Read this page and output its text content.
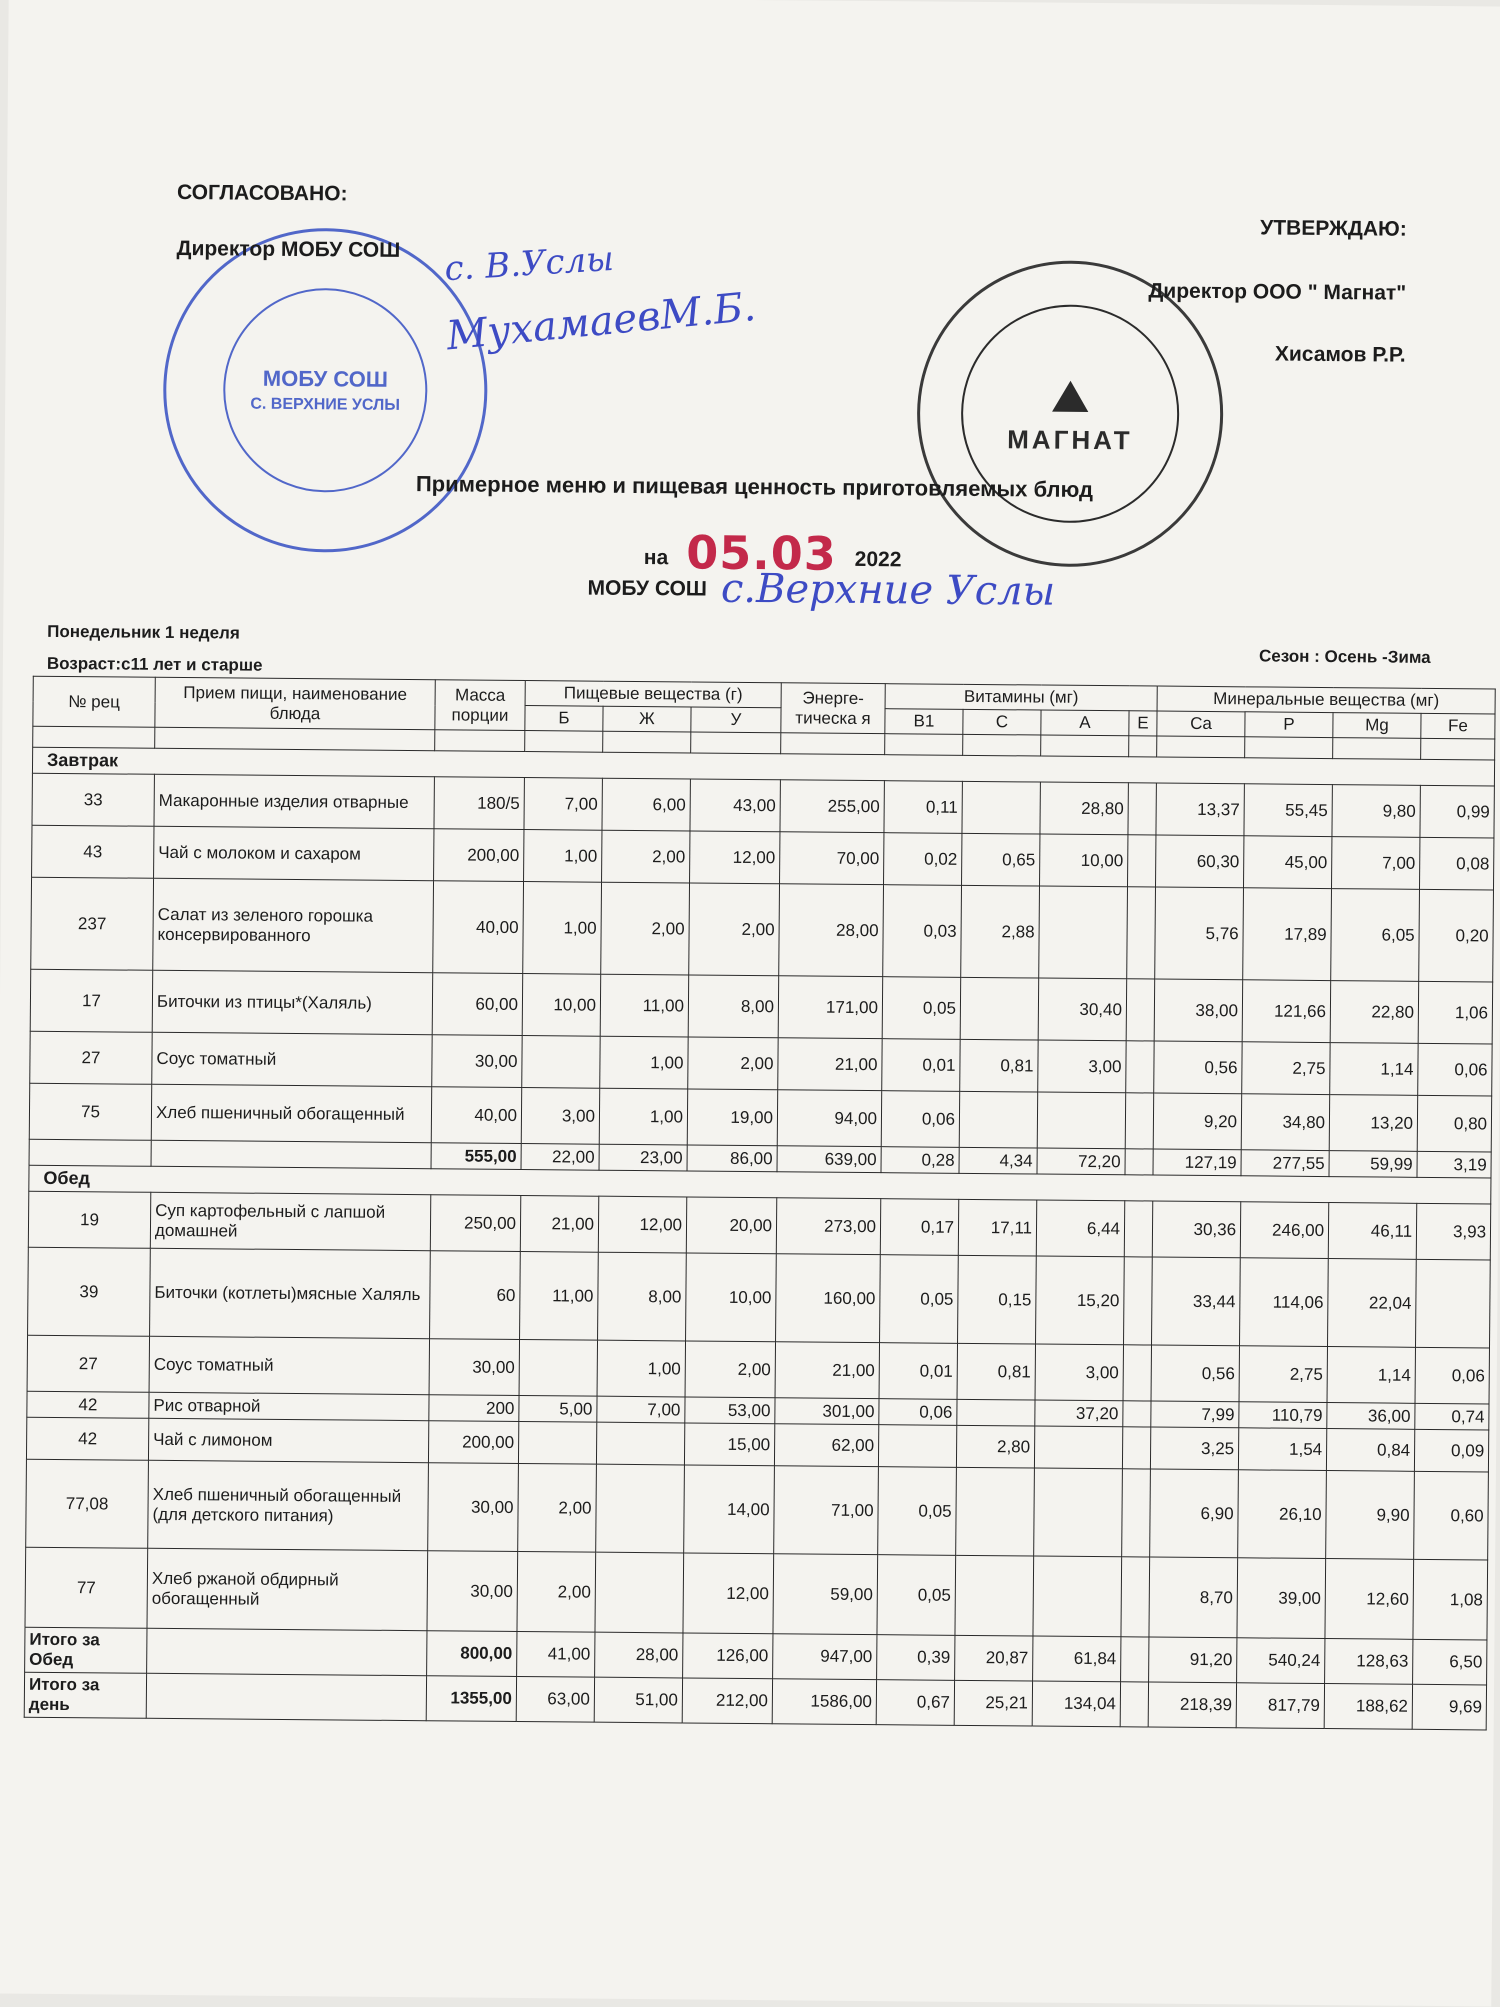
МОБУ СОШ
С. ВЕРХНИЕ УСЛЫ	⛰
МАГНАТ
СОГЛАСОВАНО:
Директор МОБУ СОШ с. В.Услы
МухамаевМ.Б.
УТВЕРЖДАЮ:
Директор ООО " Магнат"
Хисамов Р.Р.
Примерное меню и пищевая ценность приготовляемых блюд
на 05.03 2022
МОБУ СОШ с.Верхние Услы
Понедельник 1 неделя
Возраст:с11 лет и старше	Сезон : Осень -Зима
№ рец	Прием пищи, наименование блюда	Масса порции	Пищевые вещества (г)			Энерге-тическа я	Витамины (мг)				Минеральные вещества (мг)			
			Б	Ж	У		В1	С	А	Е	Ca	P	Mg	Fe

Завтрак														
33	Макаронные изделия отварные	180/5	7,00	6,00	43,00	255,00	0,11		28,80		13,37	55,45	9,80	0,99
43	Чай с молоком и сахаром	200,00	1,00	2,00	12,00	70,00	0,02	0,65	10,00		60,30	45,00	7,00	0,08
237	Салат из зеленого горошка консервированного	40,00	1,00	2,00	2,00	28,00	0,03	2,88			5,76	17,89	6,05	0,20
17	Биточки из птицы*(Халяль)	60,00	10,00	11,00	8,00	171,00	0,05		30,40		38,00	121,66	22,80	1,06
27	Соус томатный	30,00		1,00	2,00	21,00	0,01	0,81	3,00		0,56	2,75	1,14	0,06
75	Хлеб пшеничный обогащенный	40,00	3,00	1,00	19,00	94,00	0,06				9,20	34,80	13,20	0,80
		555,00	22,00	23,00	86,00	639,00	0,28	4,34	72,20		127,19	277,55	59,99	3,19
Обед														
19	Суп картофельный с лапшой домашней	250,00	21,00	12,00	20,00	273,00	0,17	17,11	6,44		30,36	246,00	46,11	3,93
39	Биточки (котлеты)мясные Халяль	60	11,00	8,00	10,00	160,00	0,05	0,15	15,20		33,44	114,06	22,04	
27	Соус томатный	30,00		1,00	2,00	21,00	0,01	0,81	3,00		0,56	2,75	1,14	0,06
42	Рис отварной	200	5,00	7,00	53,00	301,00	0,06		37,20		7,99	110,79	36,00	0,74
42	Чай с лимоном	200,00			15,00	62,00		2,80			3,25	1,54	0,84	0,09
77,08	Хлеб пшеничный обогащенный (для детского питания)	30,00	2,00		14,00	71,00	0,05				6,90	26,10	9,90	0,60
77	Хлеб ржаной обдирный обогащенный	30,00	2,00		12,00	59,00	0,05				8,70	39,00	12,60	1,08
Итого за Обед		800,00	41,00	28,00	126,00	947,00	0,39	20,87	61,84		91,20	540,24	128,63	6,50
Итого за день		1355,00	63,00	51,00	212,00	1586,00	0,67	25,21	134,04		218,39	817,79	188,62	9,69
